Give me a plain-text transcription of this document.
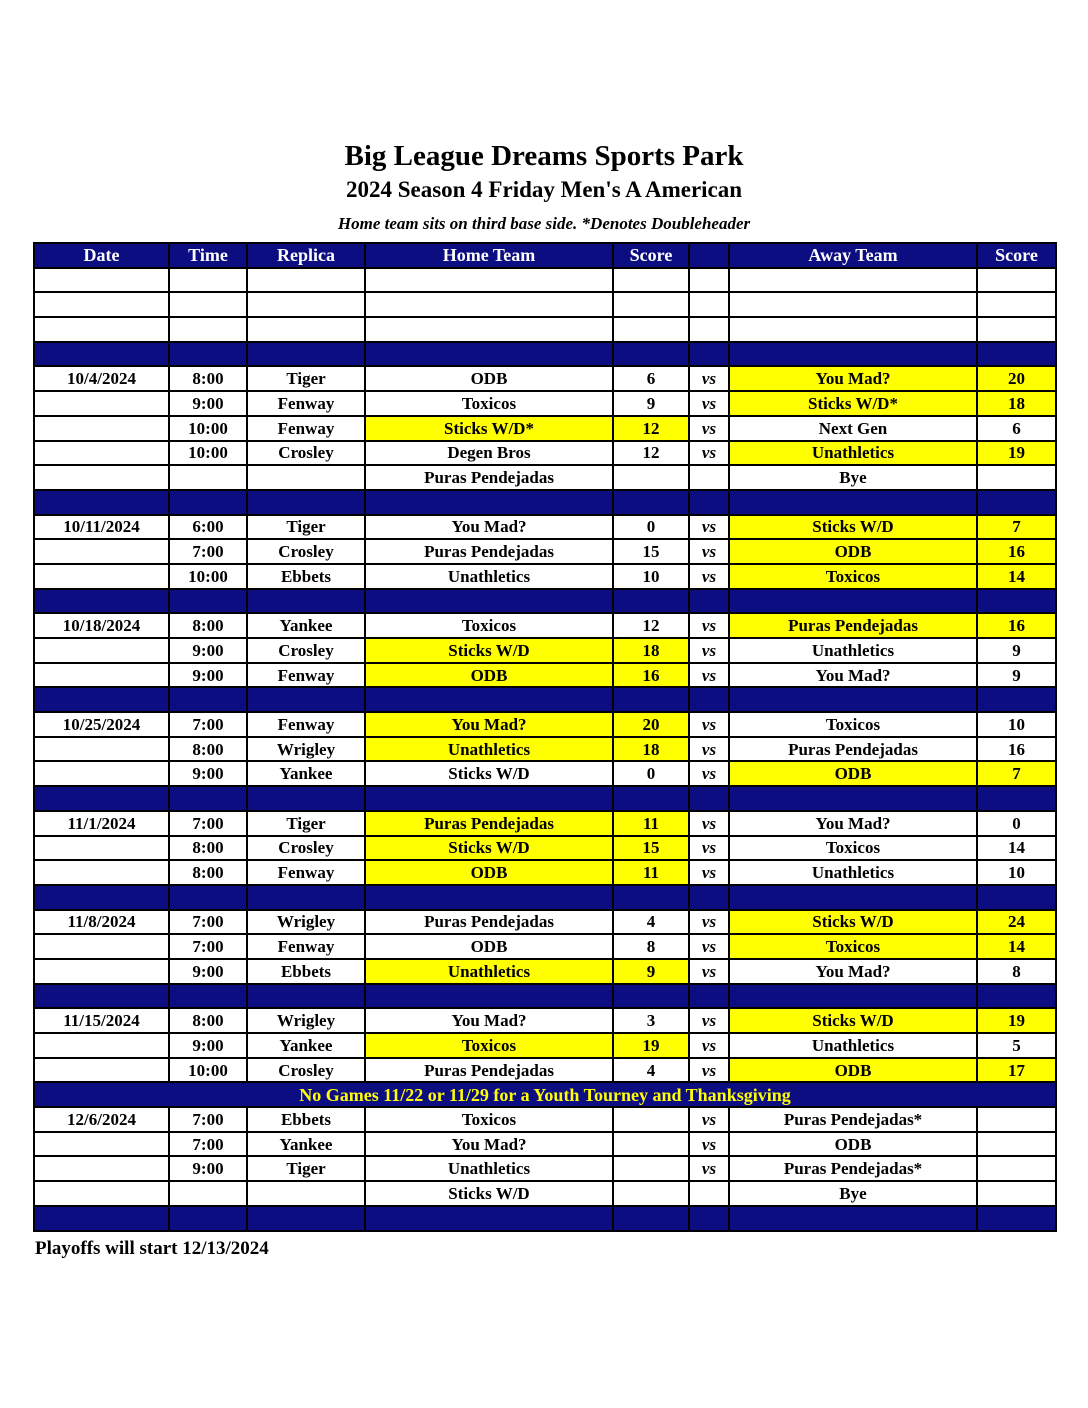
Big League Dreams Sports Park
2024 Season 4 Friday Men's A American
Home team sits on third base side. *Denotes Doubleheader
Date	Time	Replica	Home Team	Score		Away Team	Score

10/4/2024	8:00	Tiger	ODB	6	vs	You Mad?	20
	9:00	Fenway	Toxicos	9	vs	Sticks W/D*	18
	10:00	Fenway	Sticks W/D*	12	vs	Next Gen	6
	10:00	Crosley	Degen Bros	12	vs	Unathletics	19
			Puras Pendejadas			Bye	

10/11/2024	6:00	Tiger	You Mad?	0	vs	Sticks W/D	7
	7:00	Crosley	Puras Pendejadas	15	vs	ODB	16
	10:00	Ebbets	Unathletics	10	vs	Toxicos	14

10/18/2024	8:00	Yankee	Toxicos	12	vs	Puras Pendejadas	16
	9:00	Crosley	Sticks W/D	18	vs	Unathletics	9
	9:00	Fenway	ODB	16	vs	You Mad?	9

10/25/2024	7:00	Fenway	You Mad?	20	vs	Toxicos	10
	8:00	Wrigley	Unathletics	18	vs	Puras Pendejadas	16
	9:00	Yankee	Sticks W/D	0	vs	ODB	7

11/1/2024	7:00	Tiger	Puras Pendejadas	11	vs	You Mad?	0
	8:00	Crosley	Sticks W/D	15	vs	Toxicos	14
	8:00	Fenway	ODB	11	vs	Unathletics	10

11/8/2024	7:00	Wrigley	Puras Pendejadas	4	vs	Sticks W/D	24
	7:00	Fenway	ODB	8	vs	Toxicos	14
	9:00	Ebbets	Unathletics	9	vs	You Mad?	8

11/15/2024	8:00	Wrigley	You Mad?	3	vs	Sticks W/D	19
	9:00	Yankee	Toxicos	19	vs	Unathletics	5
	10:00	Crosley	Puras Pendejadas	4	vs	ODB	17
No Games 11/22 or 11/29 for a Youth Tourney and Thanksgiving							
12/6/2024	7:00	Ebbets	Toxicos		vs	Puras Pendejadas*	
	7:00	Yankee	You Mad?		vs	ODB	
	9:00	Tiger	Unathletics		vs	Puras Pendejadas*	
			Sticks W/D			Bye	

Playoffs will start 12/13/2024
